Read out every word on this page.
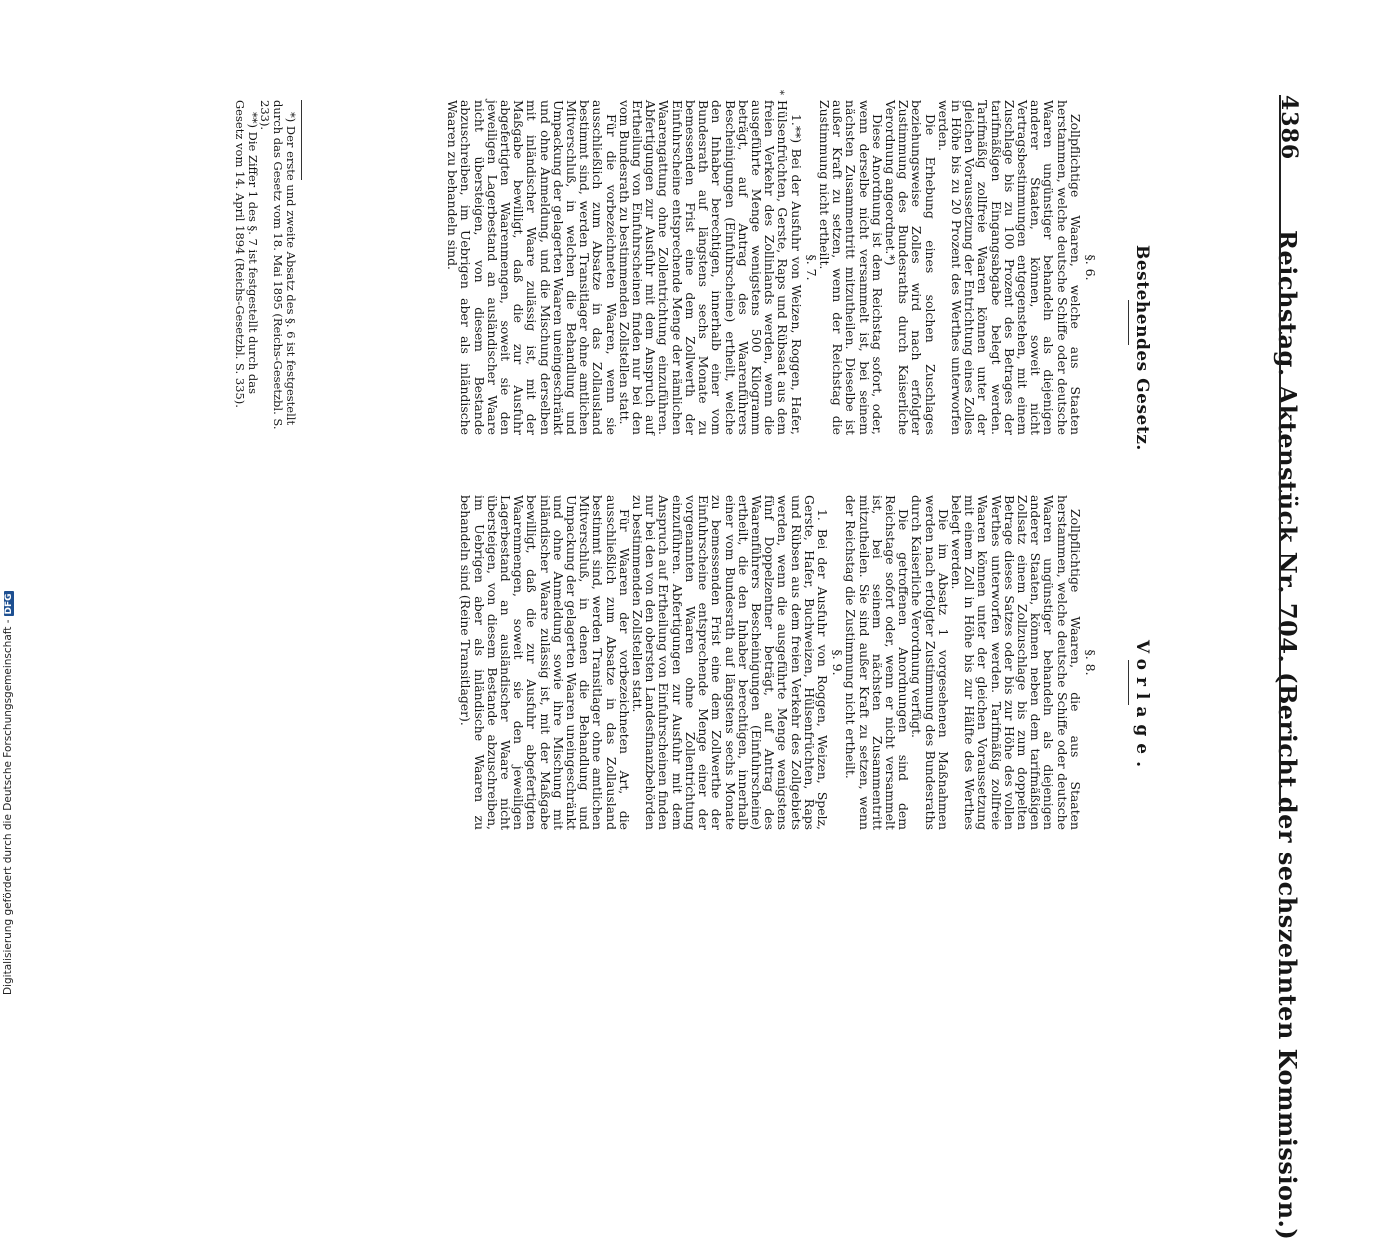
4386
Reichstag. Aktenstück Nr. 704. (Bericht der sechszehnten Kommission.)
Bestehendes Gesetz.
Vorlage.

§. 6.

Zollpflichtige Waaren, welche aus Staaten herstammen, welche deutsche Schiffe oder deutsche Waaren ungünstiger behandeln als diejenigen anderer Staaten, können, soweit nicht Vertragsbestimmungen entgegenstehen, mit einem Zuschlage bis zu 100 Prozent des Betrages der tarifmäßigen Eingangsabgabe belegt werden. Tarifmäßig zollfreie Waaren können unter der gleichen Voraussetzung der Entrichtung eines Zolles in Höhe bis zu 20 Prozent des Werthes unterworfen werden.

Die Erhebung eines solchen Zuschlages beziehungsweise Zolles wird nach erfolgter Zustimmung des Bundesraths durch Kaiserliche Verordnung angeordnet.*)

Diese Anordnung ist dem Reichstag sofort, oder, wenn derselbe nicht versammelt ist, bei seinem nächsten Zusammentritt mitzutheilen. Dieselbe ist außer Kraft zu setzen, wenn der Reichstag die Zustimmung nicht ertheilt.

§. 7.

1.**) Bei der Ausfuhr von Weizen, Roggen, Hafer, Hülsenfrüchten, Gerste, Raps und Rübsaat aus dem freien Verkehr des Zollinlands werden, wenn die ausgeführte Menge wenigstens 500 Kilogramm beträgt, auf Antrag des Waarenführers Bescheinigungen (Einfuhrscheine) ertheilt, welche den Inhaber berechtigen, innerhalb einer vom Bundesrath auf längstens sechs Monate zu bemessenden Frist eine dem Zollwerth der Einfuhrscheine entsprechende Menge der nämlichen Waarengattung ohne Zollentrichtung einzuführen. Abfertigungen zur Ausfuhr mit dem Anspruch auf Ertheilung von Einfuhrscheinen finden nur bei den vom Bundesrath zu bestimmenden Zollstellen statt.

Für die vorbezeichneten Waaren, wenn sie ausschließlich zum Absatze in das Zollausland bestimmt sind, werden Transitlager ohne amtlichen Mitverschluß, in welchen die Behandlung und Umpackung der gelagerten Waaren uneingeschränkt und ohne Anmeldung, und die Mischung derselben mit inländischer Waare zulässig ist, mit der Maßgabe bewilligt, daß die zur Ausfuhr abgefertigten Waarenmengen, soweit sie den jeweiligen Lagerbestand an ausländischer Waare nicht übersteigen, von diesem Bestande abzuschreiben, im Uebrigen aber als inländische Waaren zu behandeln sind.

§. 8.

Zollpflichtige Waaren, die aus Staaten herstammen, welche deutsche Schiffe oder deutsche Waaren ungünstiger behandeln als diejenigen anderer Staaten, können neben dem tarifmäßigen Zollsatz einem Zollzuschlage bis zum doppelten Betrage dieses Satzes oder bis zur Höhe des vollen Werthes unterworfen werden. Tarifmäßig zollfreie Waaren können unter der gleichen Voraussetzung mit einem Zoll in Höhe bis zur Hälfte des Werthes belegt werden.

Die im Absatz 1 vorgesehenen Maßnahmen werden nach erfolgter Zustimmung des Bundesraths durch Kaiserliche Verordnung verfügt.

Die getroffenen Anordnungen sind dem Reichstage sofort oder, wenn er nicht versammelt ist, bei seinem nächsten Zusammentritt mitzutheilen. Sie sind außer Kraft zu setzen, wenn der Reichstag die Zustimmung nicht ertheilt.

§. 9.

1. Bei der Ausfuhr von Roggen, Weizen, Spelz, Gerste, Hafer, Buchweizen, Hülsenfrüchten, Raps und Rübsen aus dem freien Verkehr des Zollgebiets werden, wenn die ausgeführte Menge wenigstens fünf Doppelzentner beträgt, auf Antrag des Waarenführers Bescheinigungen (Einfuhrscheine) ertheilt, die den Inhaber berechtigen, innerhalb einer vom Bundesrath auf längstens sechs Monate zu bemessenden Frist eine dem Zollwerthe der Einfuhrscheine entsprechende Menge einer der vorgenannten Waaren ohne Zollentrichtung einzuführen. Abfertigungen zur Ausfuhr mit dem Anspruch auf Ertheilung von Einfuhrscheinen finden nur bei den von den obersten Landesfinanzbehörden zu bestimmenden Zollstellen statt.

Für Waaren der vorbezeichneten Art, die ausschließlich zum Absatze in das Zollausland bestimmt sind, werden Transitlager ohne amtlichen Mitverschluß, in denen die Behandlung und Umpackung der gelagerten Waaren uneingeschränkt und ohne Anmeldung sowie ihre Mischung mit inländischer Waare zulässig ist, mit der Maßgabe bewilligt, daß die zur Ausfuhr abgefertigten Waarenmengen, soweit sie den jeweiligen Lagerbestand an ausländischer Waare nicht übersteigen, von diesem Bestande abzuschreiben, im Uebrigen aber als inländische Waaren zu behandeln sind (Reine Transitlager).

*

*) Der erste und zweite Absatz des §. 6 ist festgestellt durch das Gesetz vom 18. Mai 1895 (Reichs-Gesetzbl. S. 233).

**) Die Ziffer 1 des §. 7 ist festgestellt durch das Gesetz vom 14. April 1894 (Reichs-Gesetzbl. S. 335).

Digitalisierung gefördert durch die Deutsche Forschungsgemeinschaft -DFG
